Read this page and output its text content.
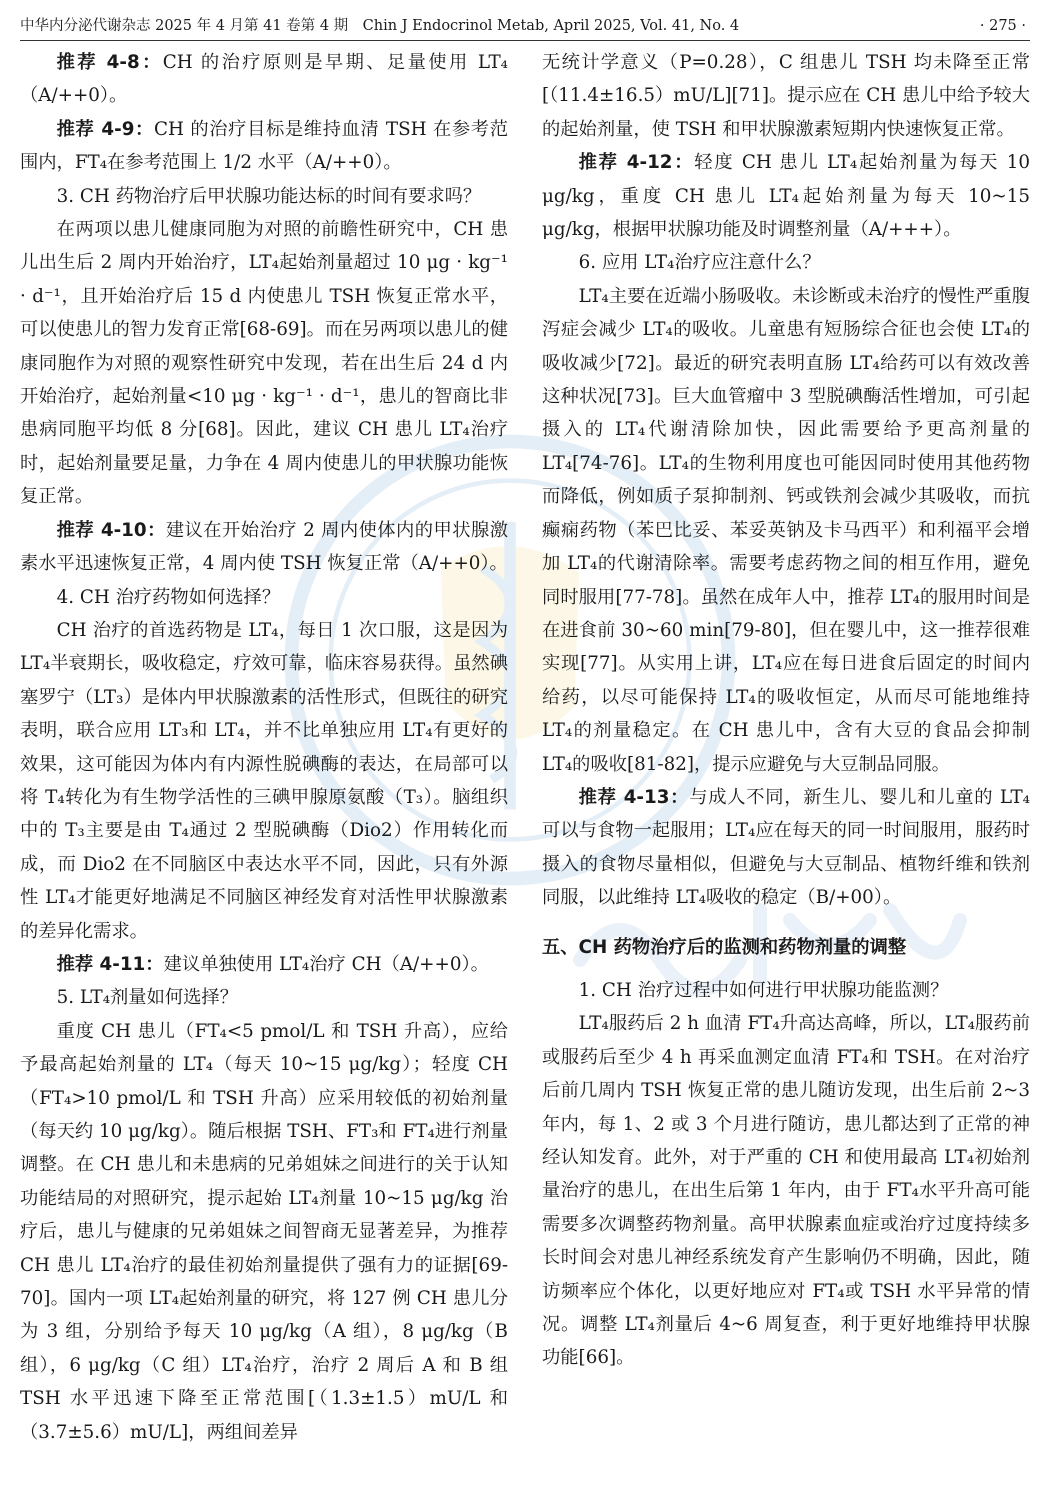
中华内分泌代谢杂志 2025 年 4 月第 41 卷第 4 期　Chin J Endocrinol Metab, April 2025, Vol. 41, No. 4	· 275 ·

推荐 4-8：CH 的治疗原则是早期、足量使用 LT₄（A/++0）。

推荐 4-9：CH 的治疗目标是维持血清 TSH 在参考范围内，FT₄在参考范围上 1/2 水平（A/++0）。

3. CH 药物治疗后甲状腺功能达标的时间有要求吗？

在两项以患儿健康同胞为对照的前瞻性研究中，CH 患儿出生后 2 周内开始治疗，LT₄起始剂量超过 10 μg · kg⁻¹ · d⁻¹，且开始治疗后 15 d 内使患儿 TSH 恢复正常水平，可以使患儿的智力发育正常[68-69]。而在另两项以患儿的健康同胞作为对照的观察性研究中发现，若在出生后 24 d 内开始治疗，起始剂量<10 μg · kg⁻¹ · d⁻¹，患儿的智商比非患病同胞平均低 8 分[68]。因此，建议 CH 患儿 LT₄治疗时，起始剂量要足量，力争在 4 周内使患儿的甲状腺功能恢复正常。

推荐 4-10：建议在开始治疗 2 周内使体内的甲状腺激素水平迅速恢复正常，4 周内使 TSH 恢复正常（A/++0）。

4. CH 治疗药物如何选择？

CH 治疗的首选药物是 LT₄，每日 1 次口服，这是因为 LT₄半衰期长，吸收稳定，疗效可靠，临床容易获得。虽然碘塞罗宁（LT₃）是体内甲状腺激素的活性形式，但既往的研究表明，联合应用 LT₃和 LT₄，并不比单独应用 LT₄有更好的效果，这可能因为体内有内源性脱碘酶的表达，在局部可以将 T₄转化为有生物学活性的三碘甲腺原氨酸（T₃）。脑组织中的 T₃主要是由 T₄通过 2 型脱碘酶（Dio2）作用转化而成，而 Dio2 在不同脑区中表达水平不同，因此，只有外源性 LT₄才能更好地满足不同脑区神经发育对活性甲状腺激素的差异化需求。

推荐 4-11：建议单独使用 LT₄治疗 CH（A/++0）。

5. LT₄剂量如何选择？

重度 CH 患儿（FT₄<5 pmol/L 和 TSH 升高），应给予最高起始剂量的 LT₄（每天 10~15 μg/kg）；轻度 CH（FT₄>10 pmol/L 和 TSH 升高）应采用较低的初始剂量（每天约 10 μg/kg）。随后根据 TSH、FT₃和 FT₄进行剂量调整。在 CH 患儿和未患病的兄弟姐妹之间进行的关于认知功能结局的对照研究，提示起始 LT₄剂量 10~15 μg/kg 治疗后，患儿与健康的兄弟姐妹之间智商无显著差异，为推荐 CH 患儿 LT₄治疗的最佳初始剂量提供了强有力的证据[69-70]。国内一项 LT₄起始剂量的研究，将 127 例 CH 患儿分为 3 组，分别给予每天 10 μg/kg（A 组），8 μg/kg（B 组），6 μg/kg（C 组）LT₄治疗，治疗 2 周后 A 和 B 组 TSH 水平迅速下降至正常范围[（1.3±1.5）mU/L 和（3.7±5.6）mU/L]，两组间差异

无统计学意义（P=0.28），C 组患儿 TSH 均未降至正常[（11.4±16.5）mU/L][71]。提示应在 CH 患儿中给予较大的起始剂量，使 TSH 和甲状腺激素短期内快速恢复正常。

推荐 4-12：轻度 CH 患儿 LT₄起始剂量为每天 10 μg/kg，重度 CH 患儿 LT₄起始剂量为每天 10~15 μg/kg，根据甲状腺功能及时调整剂量（A/+++）。

6. 应用 LT₄治疗应注意什么？

LT₄主要在近端小肠吸收。未诊断或未治疗的慢性严重腹泻症会减少 LT₄的吸收。儿童患有短肠综合征也会使 LT₄的吸收减少[72]。最近的研究表明直肠 LT₄给药可以有效改善这种状况[73]。巨大血管瘤中 3 型脱碘酶活性增加，可引起摄入的 LT₄代谢清除加快，因此需要给予更高剂量的 LT₄[74-76]。LT₄的生物利用度也可能因同时使用其他药物而降低，例如质子泵抑制剂、钙或铁剂会减少其吸收，而抗癫痫药物（苯巴比妥、苯妥英钠及卡马西平）和利福平会增加 LT₄的代谢清除率。需要考虑药物之间的相互作用，避免同时服用[77-78]。虽然在成年人中，推荐 LT₄的服用时间是在进食前 30~60 min[79-80]，但在婴儿中，这一推荐很难实现[77]。从实用上讲，LT₄应在每日进食后固定的时间内给药，以尽可能保持 LT₄的吸收恒定，从而尽可能地维持 LT₄的剂量稳定。在 CH 患儿中，含有大豆的食品会抑制 LT₄的吸收[81-82]，提示应避免与大豆制品同服。

推荐 4-13：与成人不同，新生儿、婴儿和儿童的 LT₄可以与食物一起服用；LT₄应在每天的同一时间服用，服药时摄入的食物尽量相似，但避免与大豆制品、植物纤维和铁剂同服，以此维持 LT₄吸收的稳定（B/+00）。

五、CH 药物治疗后的监测和药物剂量的调整

1. CH 治疗过程中如何进行甲状腺功能监测？

LT₄服药后 2 h 血清 FT₄升高达高峰，所以，LT₄服药前或服药后至少 4 h 再采血测定血清 FT₄和 TSH。在对治疗后前几周内 TSH 恢复正常的患儿随访发现，出生后前 2~3 年内，每 1、2 或 3 个月进行随访，患儿都达到了正常的神经认知发育。此外，对于严重的 CH 和使用最高 LT₄初始剂量治疗的患儿，在出生后第 1 年内，由于 FT₄水平升高可能需要多次调整药物剂量。高甲状腺素血症或治疗过度持续多长时间会对患儿神经系统发育产生影响仍不明确，因此，随访频率应个体化，以更好地应对 FT₄或 TSH 水平异常的情况。调整 LT₄剂量后 4~6 周复查，利于更好地维持甲状腺功能[66]。
